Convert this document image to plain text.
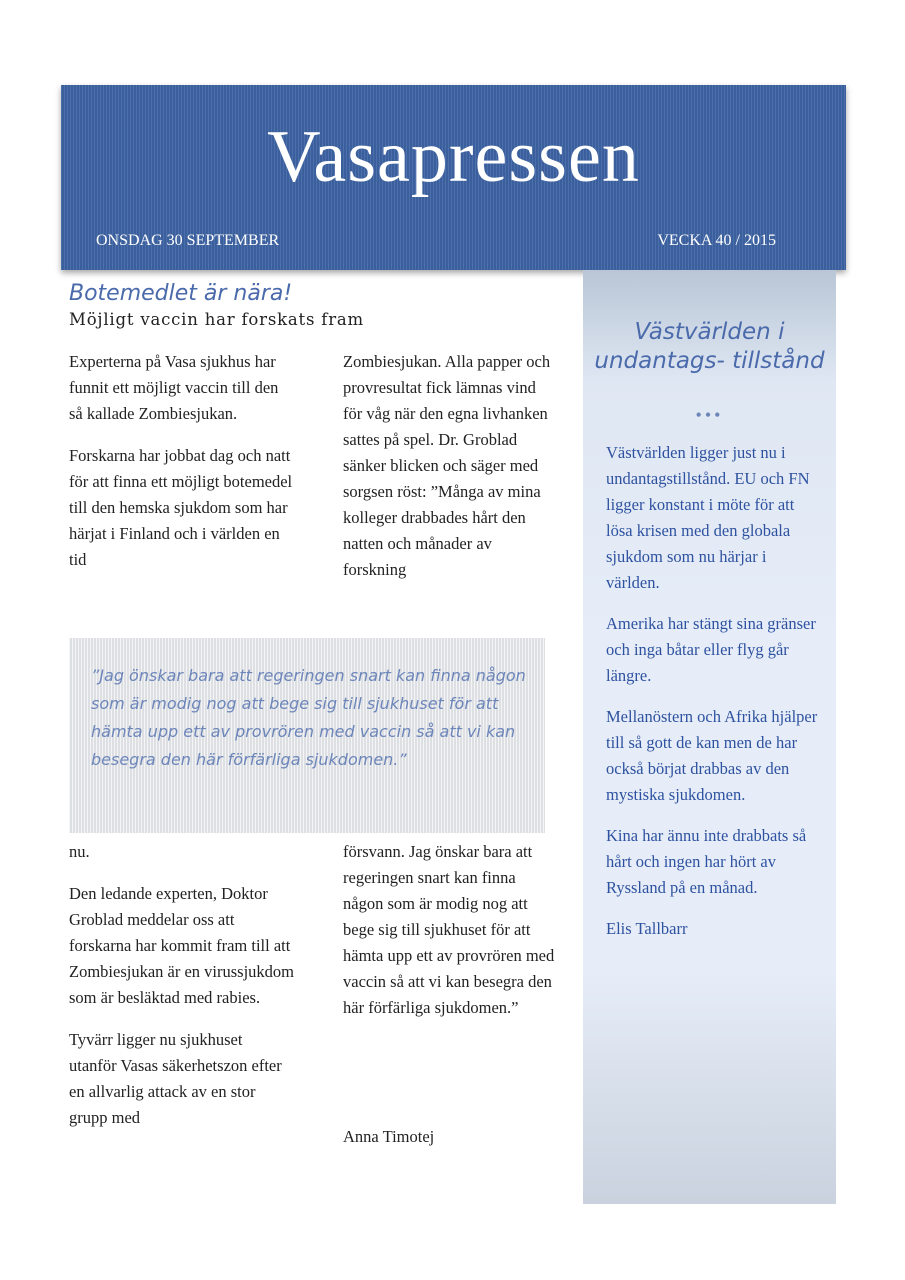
Vasapressen
ONSDAG 30 SEPTEMBER	VECKA 40 / 2015
Botemedlet är nära!
Möjligt vaccin har forskats fram

Experterna på Vasa sjukhus har funnit ett möjligt vaccin till den så kallade Zombiesjukan.

Forskarna har jobbat dag och natt för att finna ett möjligt botemedel till den hemska sjukdom som har härjat i Finland och i världen en tid

Zombiesjukan. Alla papper och provresultat fick lämnas vind för våg när den egna livhanken sattes på spel. Dr. Groblad sänker blicken och säger med sorgsen röst: ”Många av mina kolleger drabbades hårt den natten och månader av forskning

”Jag önskar bara att regeringen snart kan finna någon som är modig nog att bege sig till sjukhuset för att hämta upp ett av provrören med vaccin så att vi kan besegra den här förfärliga sjukdomen.”

nu.

Den ledande experten, Doktor Groblad meddelar oss att forskarna har kommit fram till att Zombiesjukan är en virussjukdom som är besläktad med rabies.

Tyvärr ligger nu sjukhuset utanför Vasas säkerhetszon efter en allvarlig attack av en stor grupp med

försvann. Jag önskar bara att regeringen snart kan finna någon som är modig nog att bege sig till sjukhuset för att hämta upp ett av provrören med vaccin så att vi kan besegra den här förfärliga sjukdomen.”

Anna Timotej
Västvärlden i undantags- tillstånd
•••

Västvärlden ligger just nu i undantagstillstånd. EU och FN ligger konstant i möte för att lösa krisen med den globala sjukdom som nu härjar i världen.

Amerika har stängt sina gränser och inga båtar eller flyg går längre.

Mellanöstern och Afrika hjälper till så gott de kan men de har också börjat drabbas av den mystiska sjukdomen.

Kina har ännu inte drabbats så hårt och ingen har hört av Ryssland på en månad.

Elis Tallbarr
